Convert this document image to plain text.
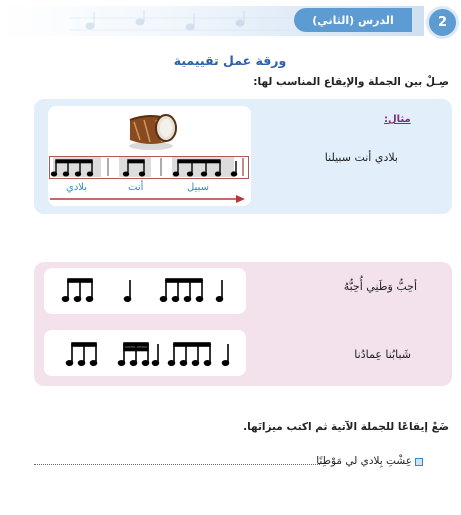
الدرس (الثاني)	2
ورقة عمل تقييمية
صِـلْ بين الجملة والإيقاع المناسب لها:
مثال:
بلادي أنت سبيلنا
بلادي	أنت	سبيل
أحِبُّ وَطَنِي أُحِبُّهُ
شَبابُنا عِمادُنا
ضَعْ إيقاعًا للجملة الآتية ثم اكتب ميزانَها.
عِشْتِ بِلادي لي مَوْطِنًا
